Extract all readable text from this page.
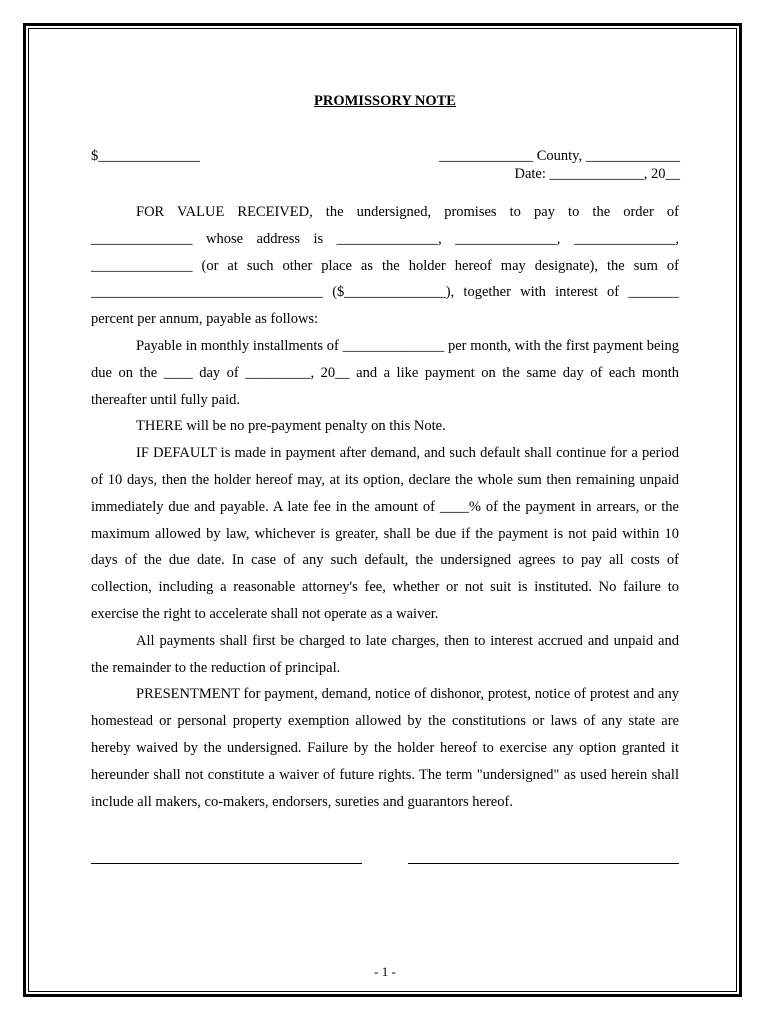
PROMISSORY NOTE
$______________	_____________ County, _____________
Date: _____________, 20__

FOR VALUE RECEIVED, the undersigned, promises to pay to the order of ______________ whose address is ______________, ______________, ______________, ______________ (or at such other place as the holder hereof may designate), the sum of ________________________________ ($______________), together with interest of _______ percent per annum, payable as follows:

Payable in monthly installments of ______________ per month, with the first payment being due on the ____ day of _________, 20__ and a like payment on the same day of each month thereafter until fully paid.

THERE will be no pre-payment penalty on this Note.

IF DEFAULT is made in payment after demand, and such default shall continue for a period of 10 days, then the holder hereof may, at its option, declare the whole sum then remaining unpaid immediately due and payable. A late fee in the amount of ____% of the payment in arrears, or the maximum allowed by law, whichever is greater, shall be due if the payment is not paid within 10 days of the due date. In case of any such default, the undersigned agrees to pay all costs of collection, including a reasonable attorney's fee, whether or not suit is instituted. No failure to exercise the right to accelerate shall not operate as a waiver.

All payments shall first be charged to late charges, then to interest accrued and unpaid and the remainder to the reduction of principal.

PRESENTMENT for payment, demand, notice of dishonor, protest, notice of protest and any homestead or personal property exemption allowed by the constitutions or laws of any state are hereby waived by the undersigned. Failure by the holder hereof to exercise any option granted it hereunder shall not constitute a waiver of future rights. The term "undersigned" as used herein shall include all makers, co-makers, endorsers, sureties and guarantors hereof.

- 1 -
